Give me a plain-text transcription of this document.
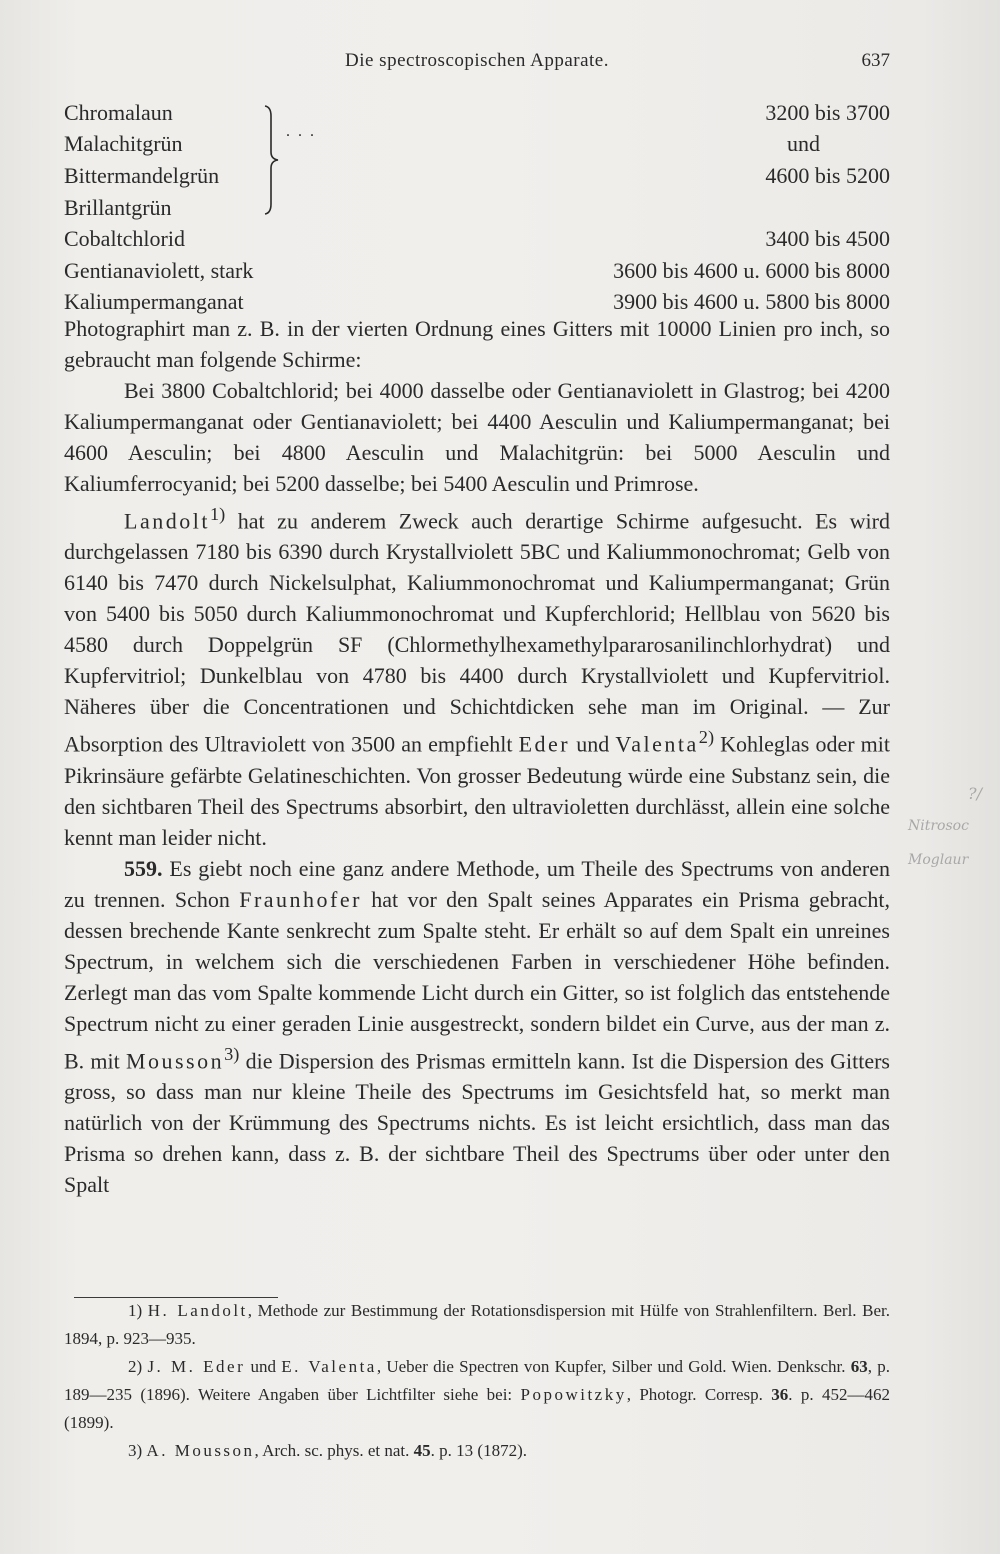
Die spectroscopischen Apparate.	637
Chromalaun	3200 bis 3700
Malachitgrün	und
Bittermandelgrün	4600 bis 5200
Brillantgrün
Cobaltchlorid	3400 bis 4500
Gentianaviolett, stark	3600 bis 4600 u. 6000 bis 8000
Kaliumpermanganat	3900 bis 4600 u. 5800 bis 8000
. . .

Photographirt man z. B. in der vierten Ordnung eines Gitters mit 10000 Linien pro inch, so gebraucht man folgende Schirme:

Bei 3800 Cobaltchlorid; bei 4000 dasselbe oder Gentianaviolett in Glastrog; bei 4200 Kaliumpermanganat oder Gentianaviolett; bei 4400 Aesculin und Kaliumpermanganat; bei 4600 Aesculin; bei 4800 Aesculin und Malachitgrün: bei 5000 Aesculin und Kaliumferrocyanid; bei 5200 dasselbe; bei 5400 Aesculin und Primrose.

Landolt$^{1)}$ hat zu anderem Zweck auch derartige Schirme aufgesucht. Es wird durchgelassen 7180 bis 6390 durch Krystallviolett 5BC und Kaliummonochromat; Gelb von 6140 bis 7470 durch Nickelsulphat, Kaliummonochromat und Kaliumpermanganat; Grün von 5400 bis 5050 durch Kaliummonochromat und Kupferchlorid; Hellblau von 5620 bis 4580 durch Doppelgrün SF (Chlormethylhexamethylpararosanilinchlorhydrat) und Kupfervitriol; Dunkelblau von 4780 bis 4400 durch Krystallviolett und Kupfervitriol. Näheres über die Concentrationen und Schichtdicken sehe man im Original. — Zur Absorption des Ultraviolett von 3500 an empfiehlt Eder und Valenta$^{2)}$ Kohleglas oder mit Pikrinsäure gefärbte Gelatineschichten. Von grosser Bedeutung würde eine Substanz sein, die den sichtbaren Theil des Spectrums absorbirt, den ultravioletten durchlässt, allein eine solche kennt man leider nicht.

559. Es giebt noch eine ganz andere Methode, um Theile des Spectrums von anderen zu trennen. Schon Fraunhofer hat vor den Spalt seines Apparates ein Prisma gebracht, dessen brechende Kante senkrecht zum Spalte steht. Er erhält so auf dem Spalt ein unreines Spectrum, in welchem sich die verschiedenen Farben in verschiedener Höhe befinden. Zerlegt man das vom Spalte kommende Licht durch ein Gitter, so ist folglich das entstehende Spectrum nicht zu einer geraden Linie ausgestreckt, sondern bildet ein Curve, aus der man z. B. mit Mousson$^{3)}$ die Dispersion des Prismas ermitteln kann. Ist die Dispersion des Gitters gross, so dass man nur kleine Theile des Spectrums im Gesichtsfeld hat, so merkt man natürlich von der Krümmung des Spectrums nichts. Es ist leicht ersichtlich, dass man das Prisma so drehen kann, dass z. B. der sichtbare Theil des Spectrums über oder unter den Spalt

1) H. Landolt, Methode zur Bestimmung der Rotationsdispersion mit Hülfe von Strahlenfiltern. Berl. Ber. 1894, p. 923—935.

2) J. M. Eder und E. Valenta, Ueber die Spectren von Kupfer, Silber und Gold. Wien. Denkschr. 63, p. 189—235 (1896). Weitere Angaben über Lichtfilter siehe bei: Popowitzky, Photogr. Corresp. 36. p. 452—462 (1899).

3) A. Mousson, Arch. sc. phys. et nat. 45. p. 13 (1872).

?/
Nitrosoc
Moglaur
